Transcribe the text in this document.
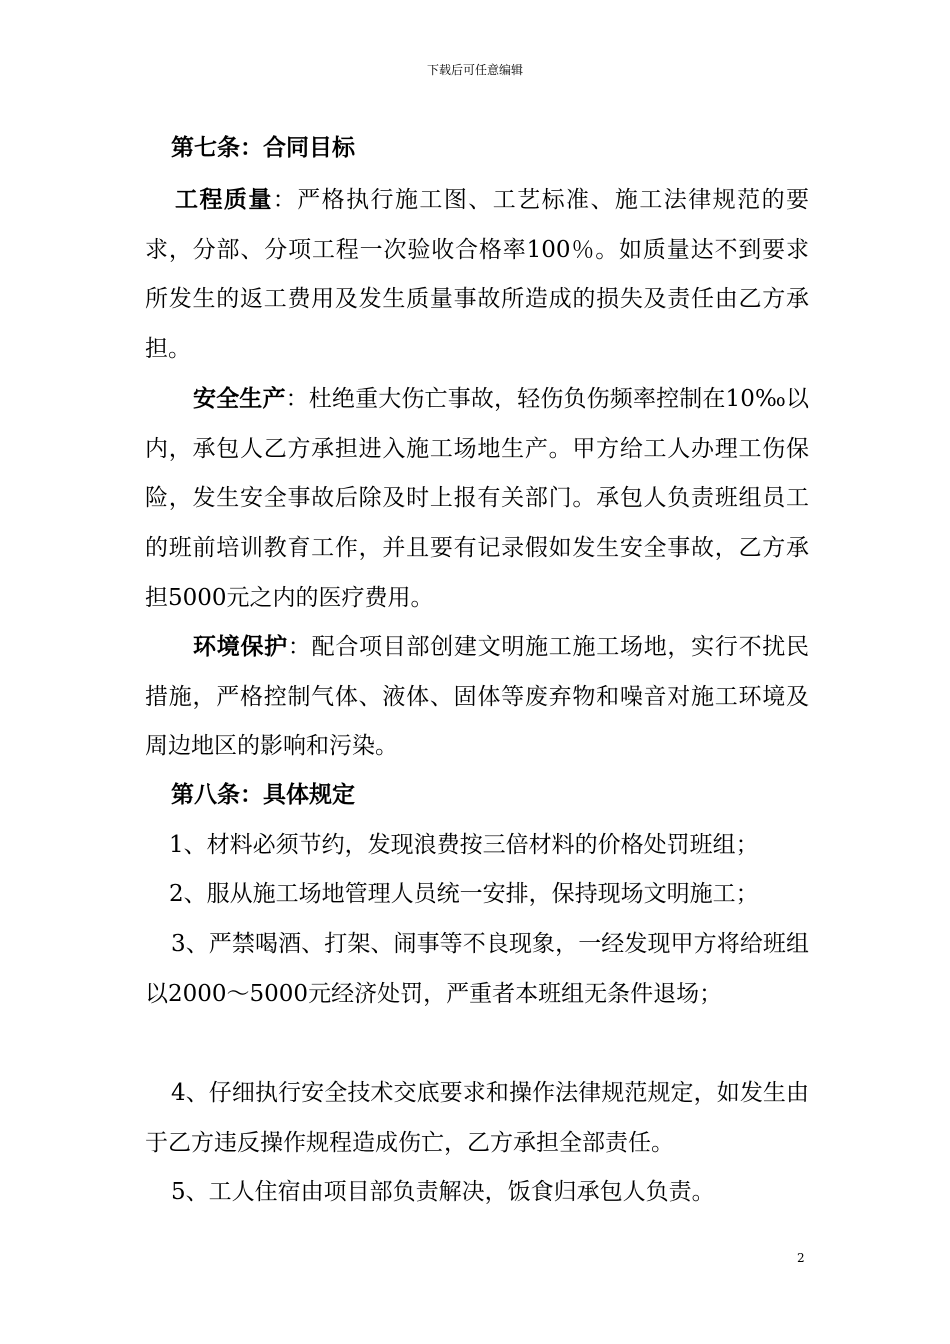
下载后可任意编辑
第七条：合同目标
工程质量：严格执行施工图、工艺标准、施工法律规范的要求，分部、分项工程一次验收合格率100％。如质量达不到要求所发生的返工费用及发生质量事故所造成的损失及责任由乙方承担。
安全生产：杜绝重大伤亡事故，轻伤负伤频率控制在10‰以内，承包人乙方承担进入施工场地生产。甲方给工人办理工伤保险，发生安全事故后除及时上报有关部门。承包人负责班组员工的班前培训教育工作，并且要有记录假如发生安全事故，乙方承担5000元之内的医疗费用。
环境保护：配合项目部创建文明施工施工场地，实行不扰民措施，严格控制气体、液体、固体等废弃物和噪音对施工环境及周边地区的影响和污染。
第八条：具体规定
1、材料必须节约，发现浪费按三倍材料的价格处罚班组；
2、服从施工场地管理人员统一安排，保持现场文明施工；
3、严禁喝酒、打架、闹事等不良现象，一经发现甲方将给班组以2000～5000元经济处罚，严重者本班组无条件退场；
4、仔细执行安全技术交底要求和操作法律规范规定，如发生由于乙方违反操作规程造成伤亡，乙方承担全部责任。
5、工人住宿由项目部负责解决，饭食归承包人负责。
2
